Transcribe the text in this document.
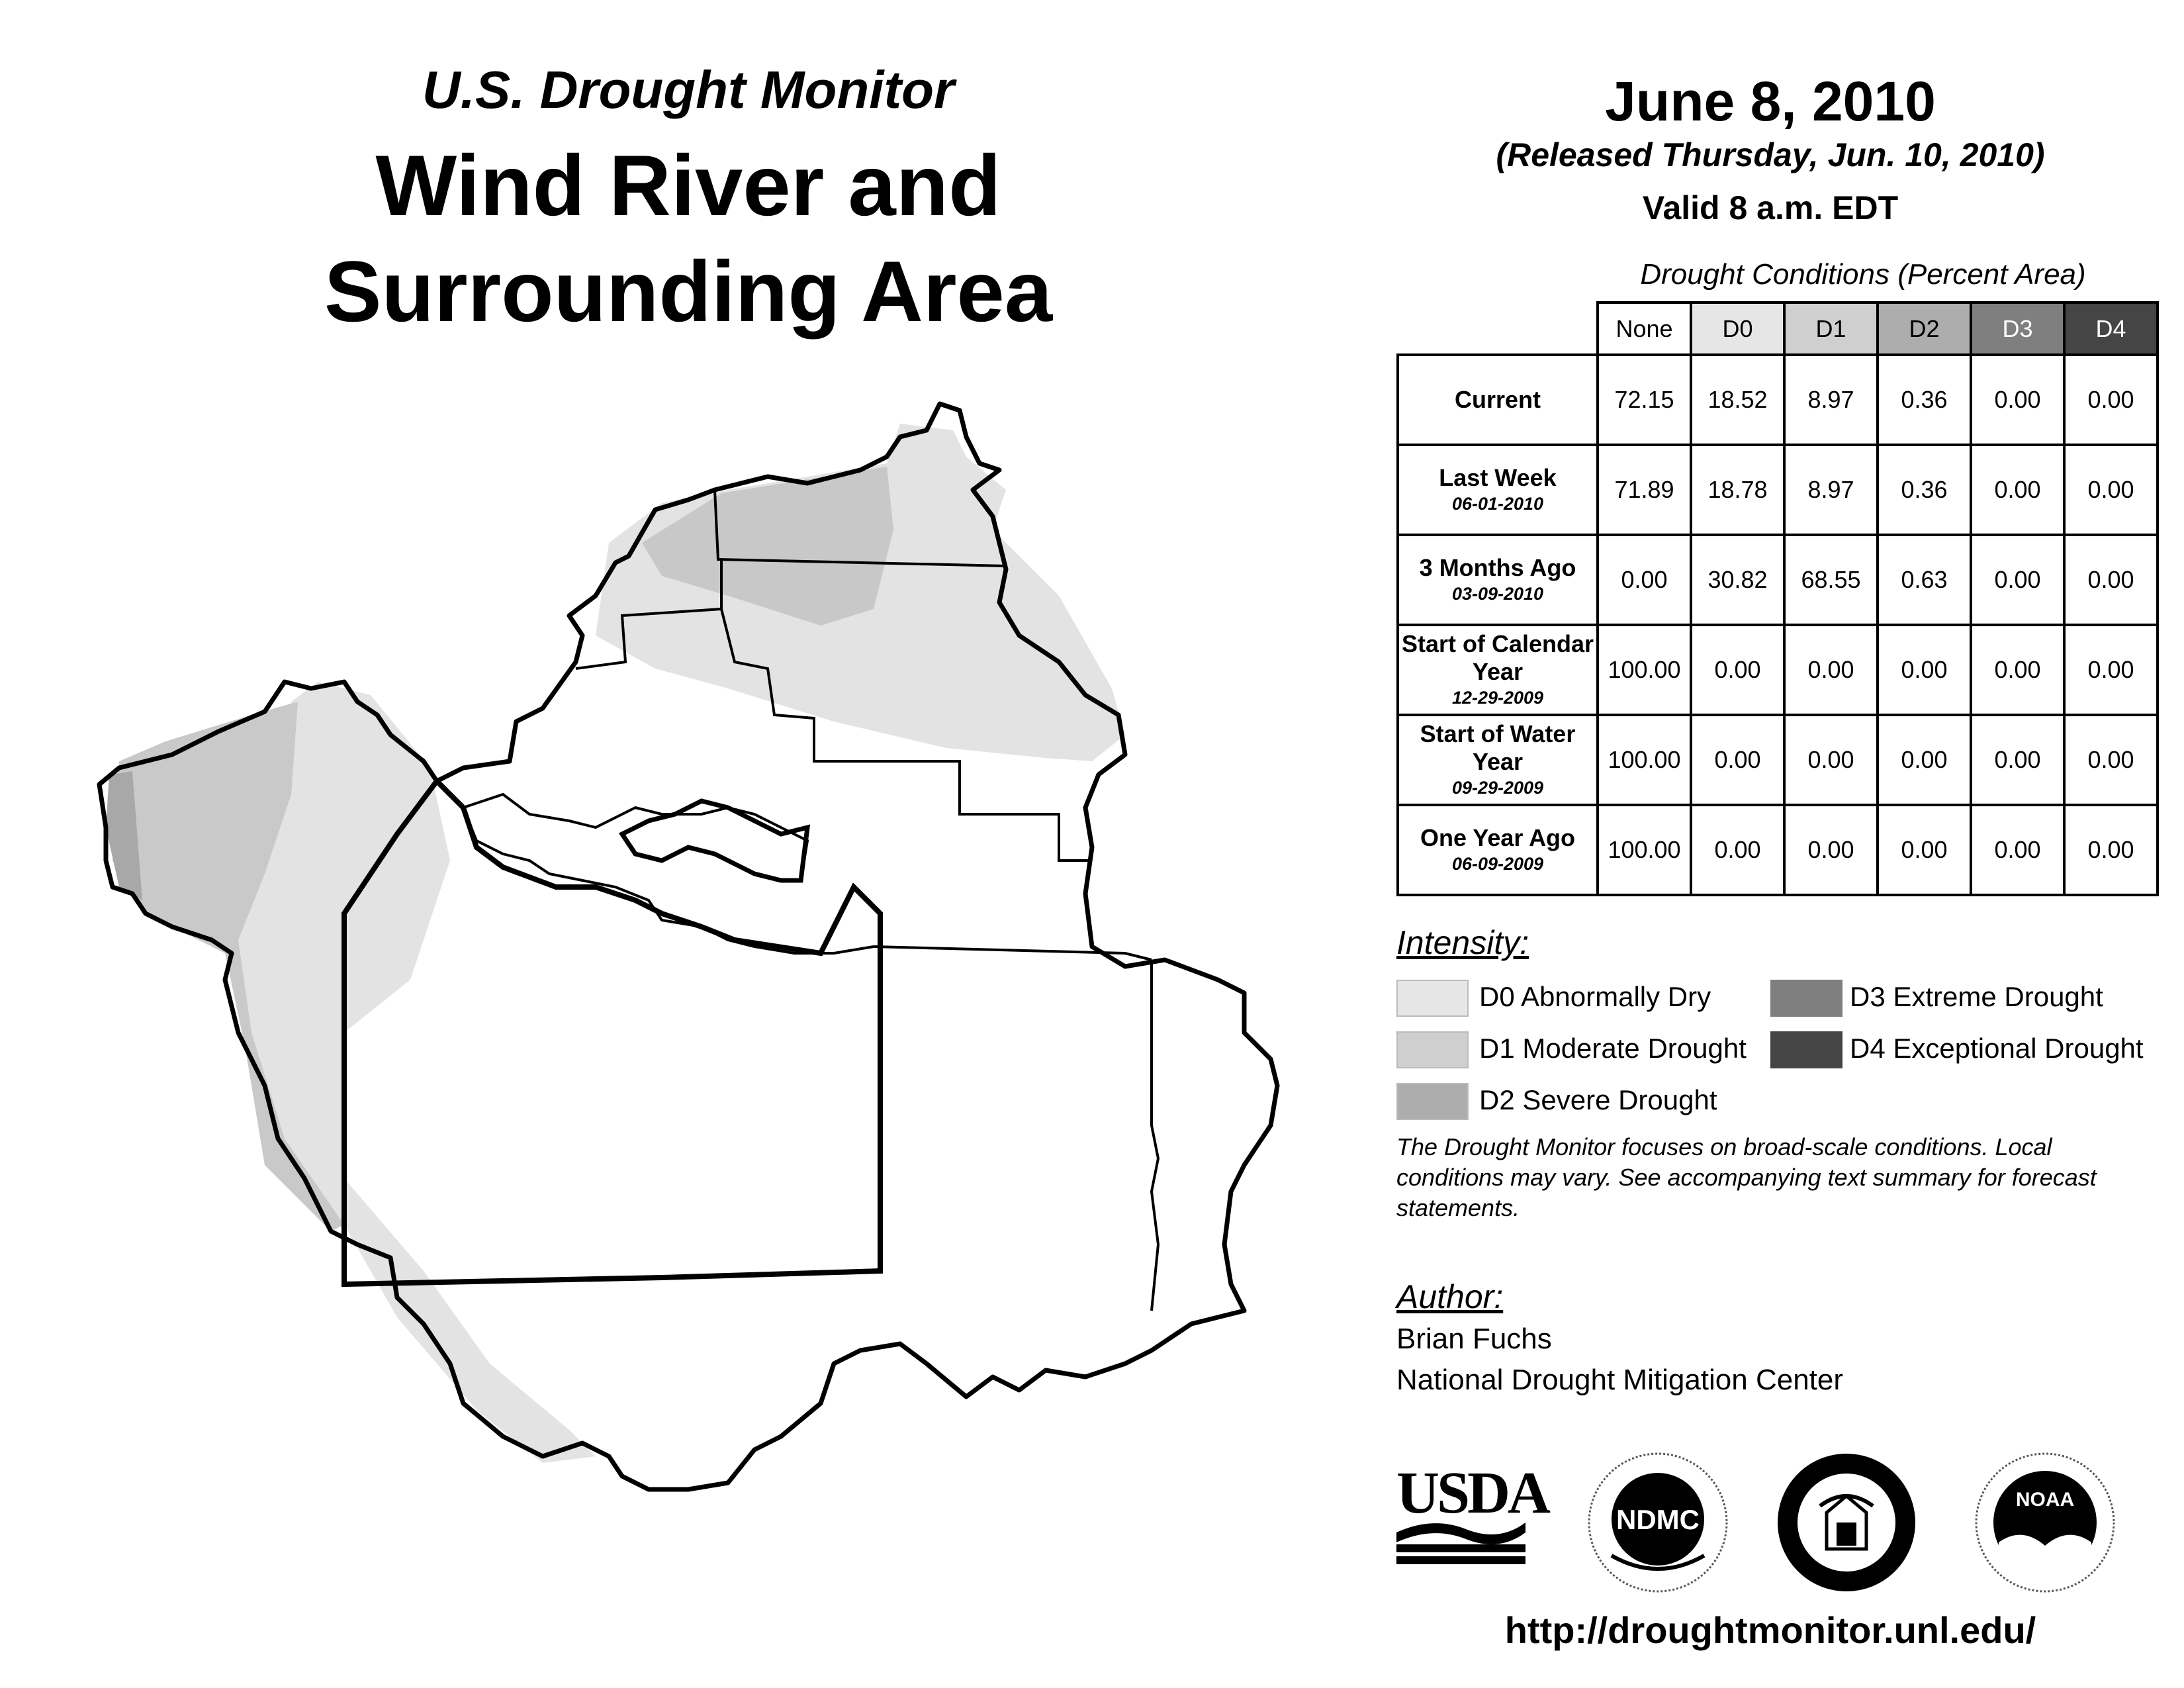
U.S. Drought Monitor
Wind River and
Surrounding Area
June 8, 2010
(Released Thursday, Jun. 10, 2010)
Valid 8 a.m. EDT
Drought Conditions (Percent Area)
	None	D0	D1	D2	D3	D4
Current	72.15	18.52	8.97	0.36	0.00	0.00
Last Week
06-01-2010	71.89	18.78	8.97	0.36	0.00	0.00
3 Months Ago
03-09-2010	0.00	30.82	68.55	0.63	0.00	0.00
Start of Calendar Year
12-29-2009	100.00	0.00	0.00	0.00	0.00	0.00
Start of Water Year
09-29-2009	100.00	0.00	0.00	0.00	0.00	0.00
One Year Ago
06-09-2009	100.00	0.00	0.00	0.00	0.00	0.00
Intensity:
D0 Abnormally Dry
D1 Moderate Drought
D2 Severe Drought
D3 Extreme Drought
D4 Exceptional Drought
The Drought Monitor focuses on broad-scale conditions. Local conditions may vary. See accompanying text summary for forecast statements.
Author:
Brian Fuchs
National Drought Mitigation Center
USDA NDMC
NOAA
http://droughtmonitor.unl.edu/
